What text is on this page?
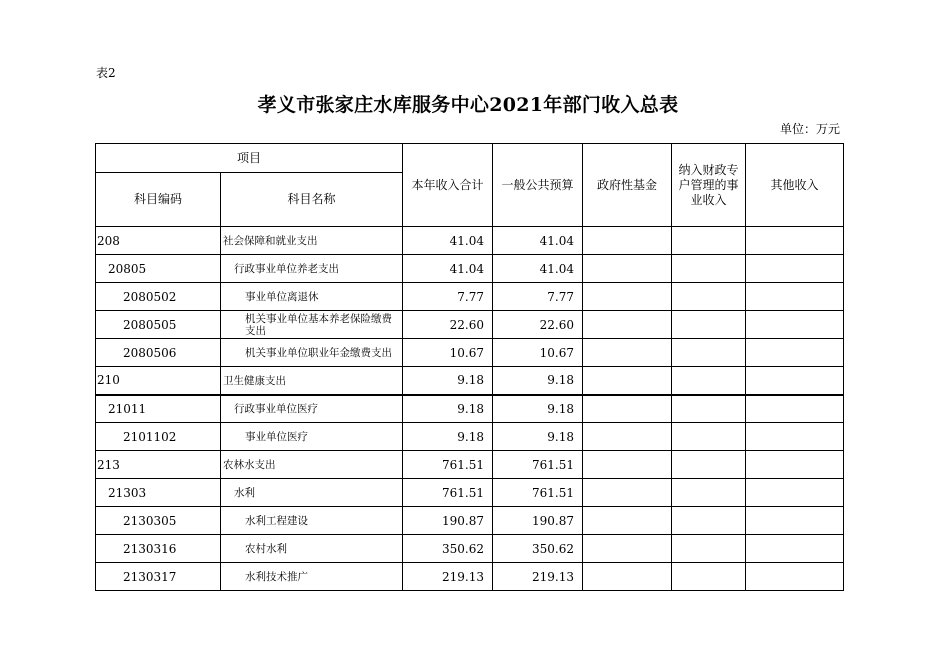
表2
孝义市张家庄水库服务中心2021年部门收入总表
单位：万元
项目		本年收入合计	一般公共预算	政府性基金	纳入财政专户管理的事业收入	其他收入
科目编码	科目名称					
208	社会保障和就业支出	41.04	41.04			
20805	行政事业单位养老支出	41.04	41.04			
2080502	事业单位离退休	7.77	7.77			
2080505	机关事业单位基本养老保险缴费支出	22.60	22.60			
2080506	机关事业单位职业年金缴费支出	10.67	10.67			
210	卫生健康支出	9.18	9.18			
21011	行政事业单位医疗	9.18	9.18			
2101102	事业单位医疗	9.18	9.18			
213	农林水支出	761.51	761.51			
21303	水利	761.51	761.51			
2130305	水利工程建设	190.87	190.87			
2130316	农村水利	350.62	350.62			
2130317	水利技术推广	219.13	219.13			
